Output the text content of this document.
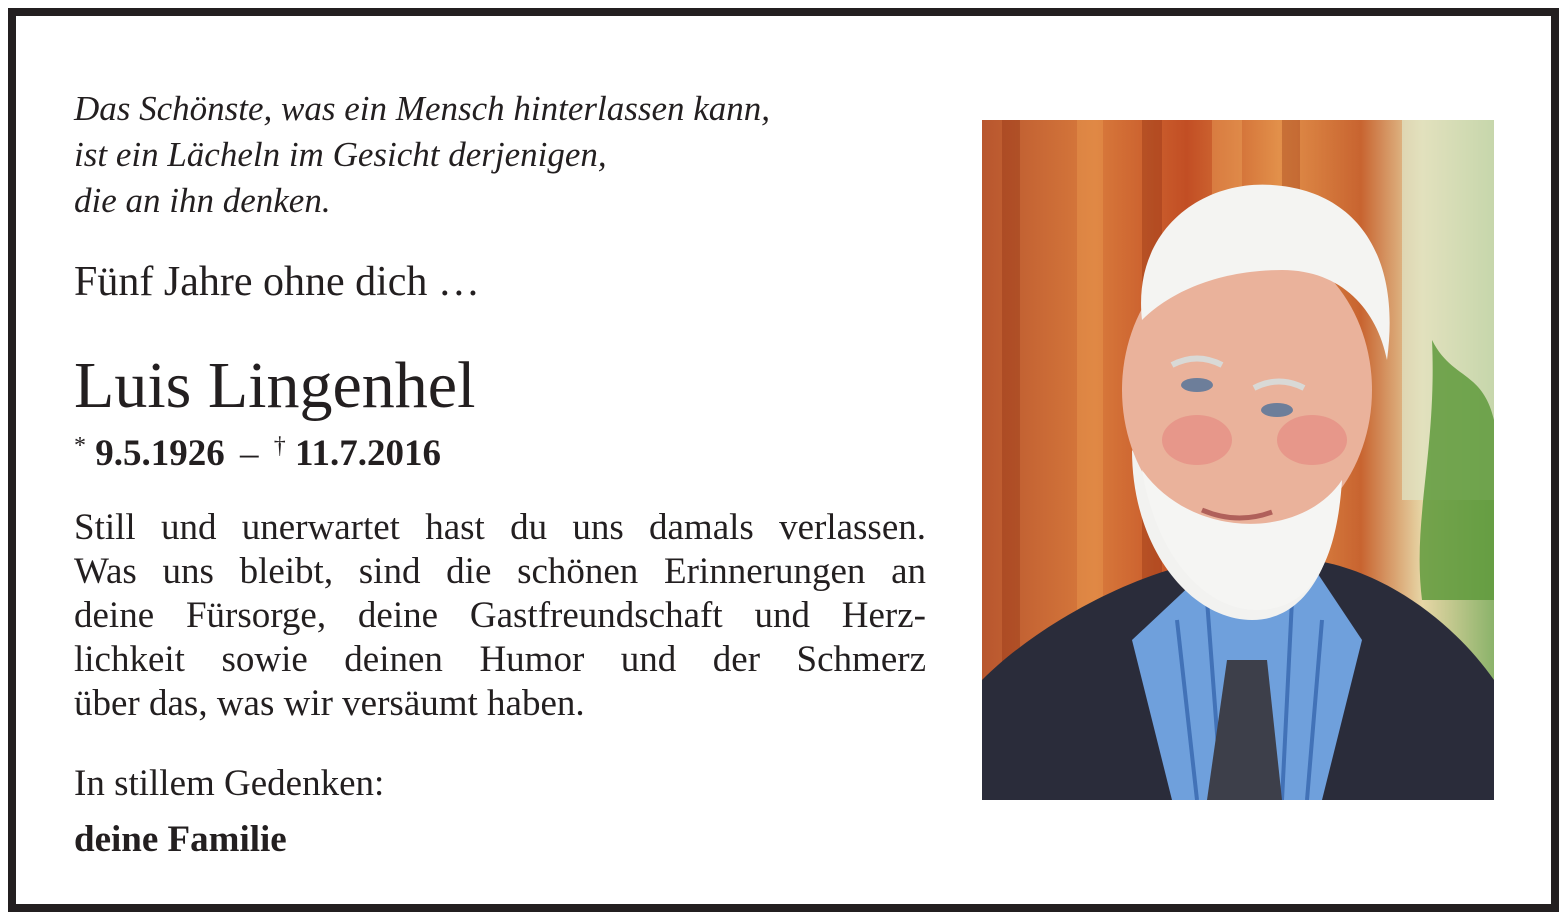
Das Schönste, was ein Mensch hinterlassen kann,
ist ein Lächeln im Gesicht derjenigen,
die an ihn denken.
Fünf Jahre ohne dich …
Luis Lingenhel
* 9.5.1926 – † 11.7.2016
Still und unerwartet hast du uns damals verlassen.
Was uns bleibt, sind die schönen Erinnerungen an
deine Fürsorge, deine Gastfreundschaft und Herz-
lichkeit sowie deinen Humor und der Schmerz
über das, was wir versäumt haben.
In stillem Gedenken:
deine Familie
